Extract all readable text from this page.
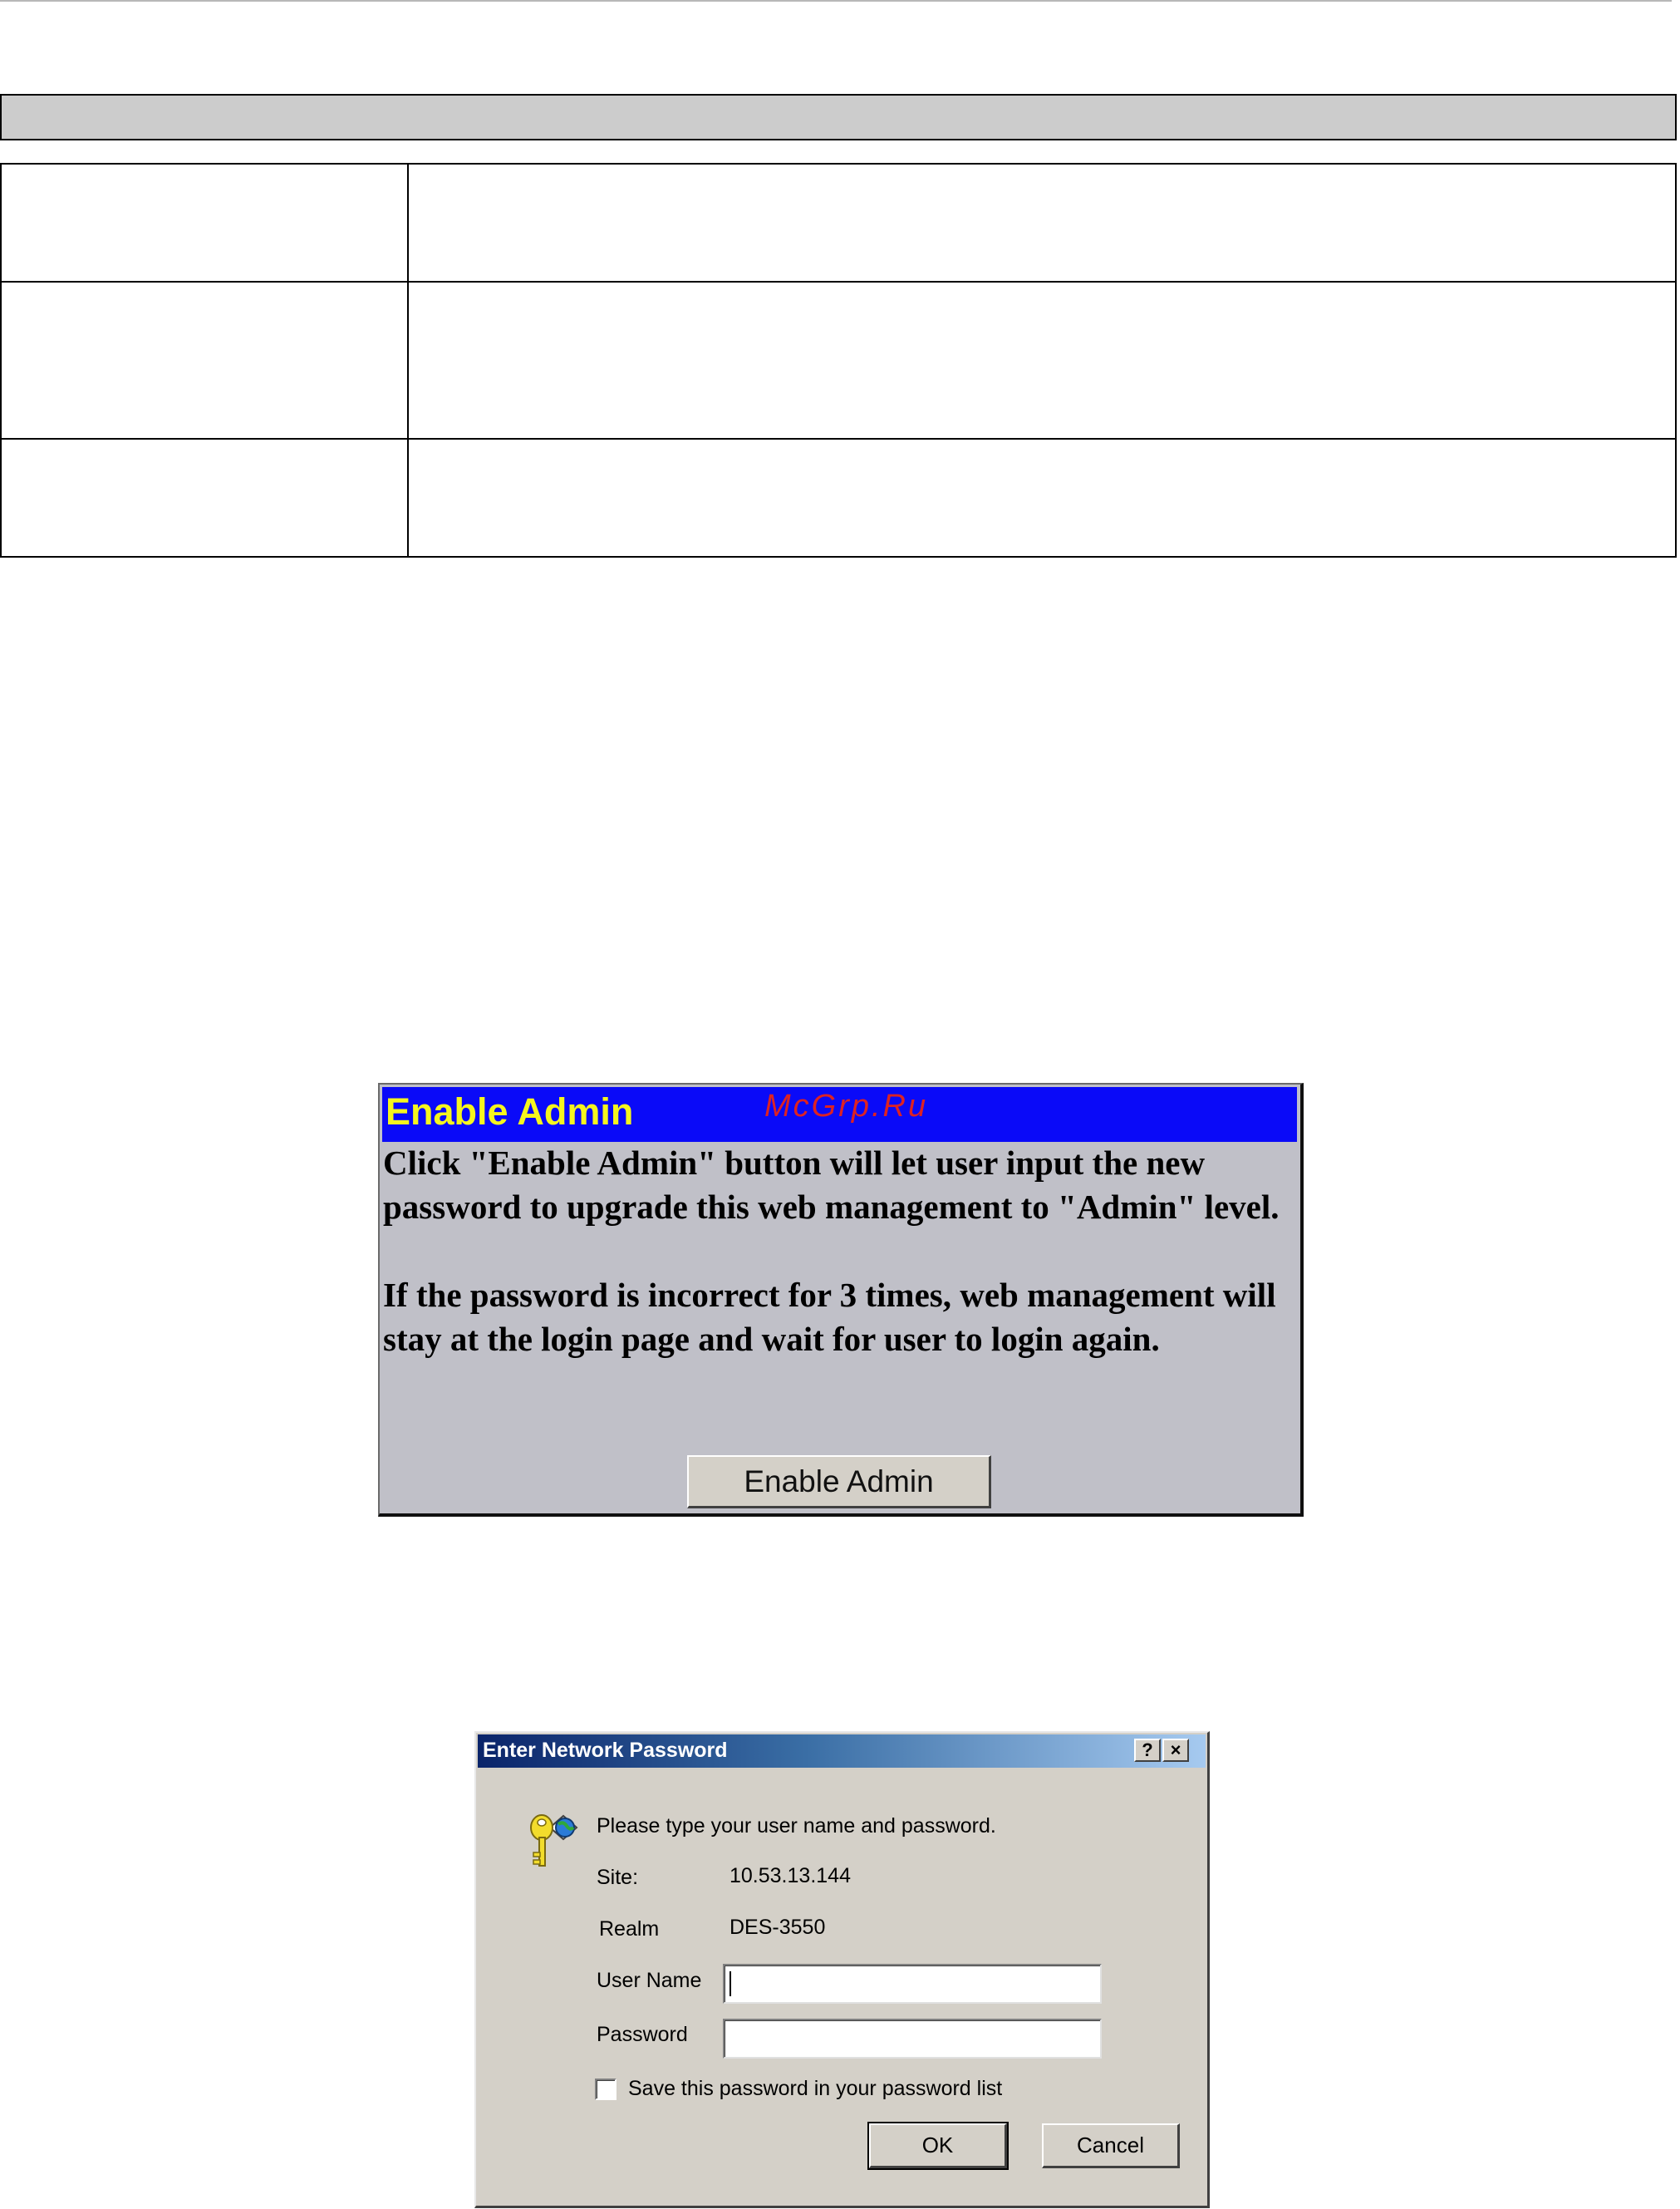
Enable Admin	McGrp.Ru

Click "Enable Admin" button will let user input the new password to upgrade this web management to "Admin" level.

If the password is incorrect for 3 times, web management will stay at the login page and wait for user to login again.

Enable Admin
Enter Network Password	? ×
Please type your user name and password.
Site:	10.53.13.144
Realm	DES-3550
User Name
Password
Save this password in your password list
OK	Cancel
